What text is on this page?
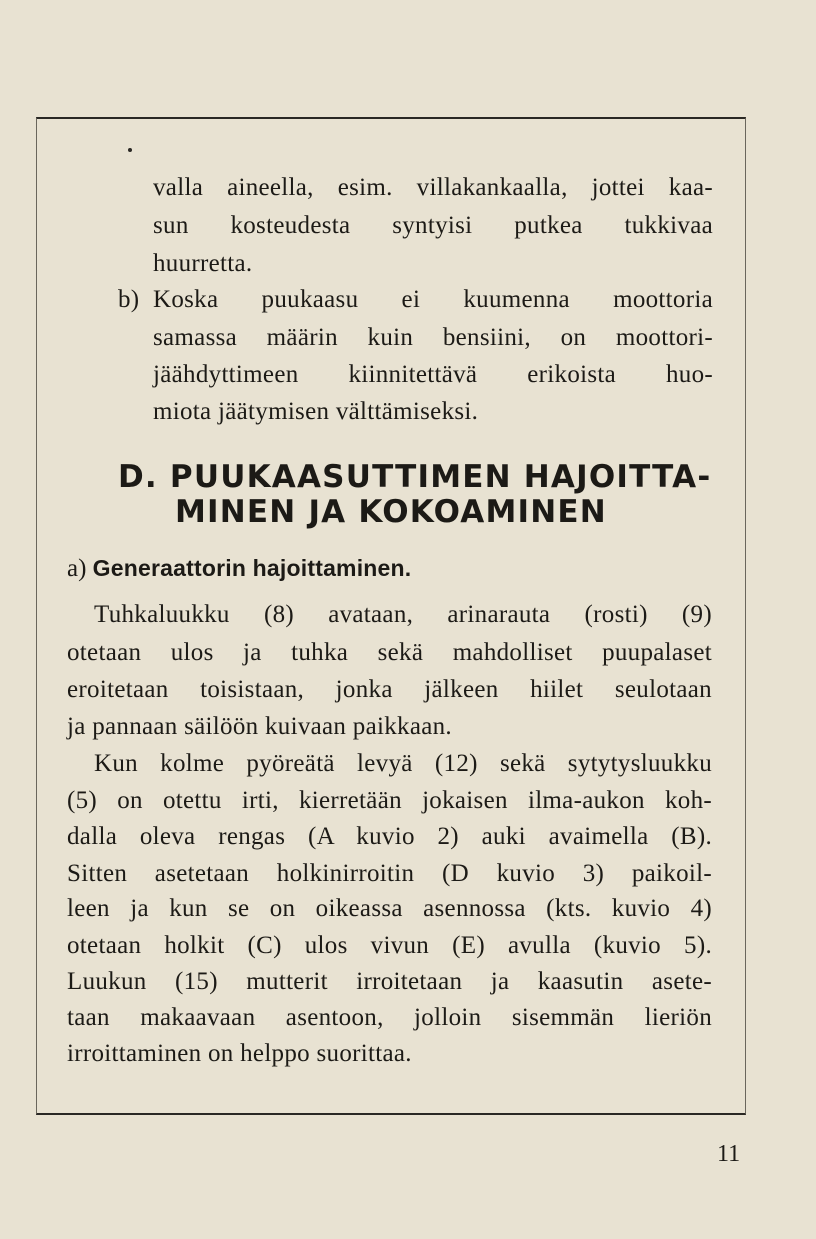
valla aineella, esim. villakankaalla, jottei kaa-
sun kosteudesta syntyisi putkea tukkivaa
huurretta.
b) Koska puukaasu ei kuumenna moottoria
samassa määrin kuin bensiini, on moottori-
jäähdyttimeen kiinnitettävä erikoista huo-
miota jäätymisen välttämiseksi.
D. PUUKAASUTTIMEN HAJOITTA-
MINEN JA KOKOAMINEN
a) Generaattorin hajoittaminen.
Tuhkaluukku (8) avataan, arinarauta (rosti) (9)
otetaan ulos ja tuhka sekä mahdolliset puupalaset
eroitetaan toisistaan, jonka jälkeen hiilet seulotaan
ja pannaan säilöön kuivaan paikkaan.
Kun kolme pyöreätä levyä (12) sekä sytytysluukku
(5) on otettu irti, kierretään jokaisen ilma-aukon koh-
dalla oleva rengas (A kuvio 2) auki avaimella (B).
Sitten asetetaan holkinirroitin (D kuvio 3) paikoil-
leen ja kun se on oikeassa asennossa (kts. kuvio 4)
otetaan holkit (C) ulos vivun (E) avulla (kuvio 5).
Luukun (15) mutterit irroitetaan ja kaasutin asete-
taan makaavaan asentoon, jolloin sisemmän lieriön
irroittaminen on helppo suorittaa.
11
